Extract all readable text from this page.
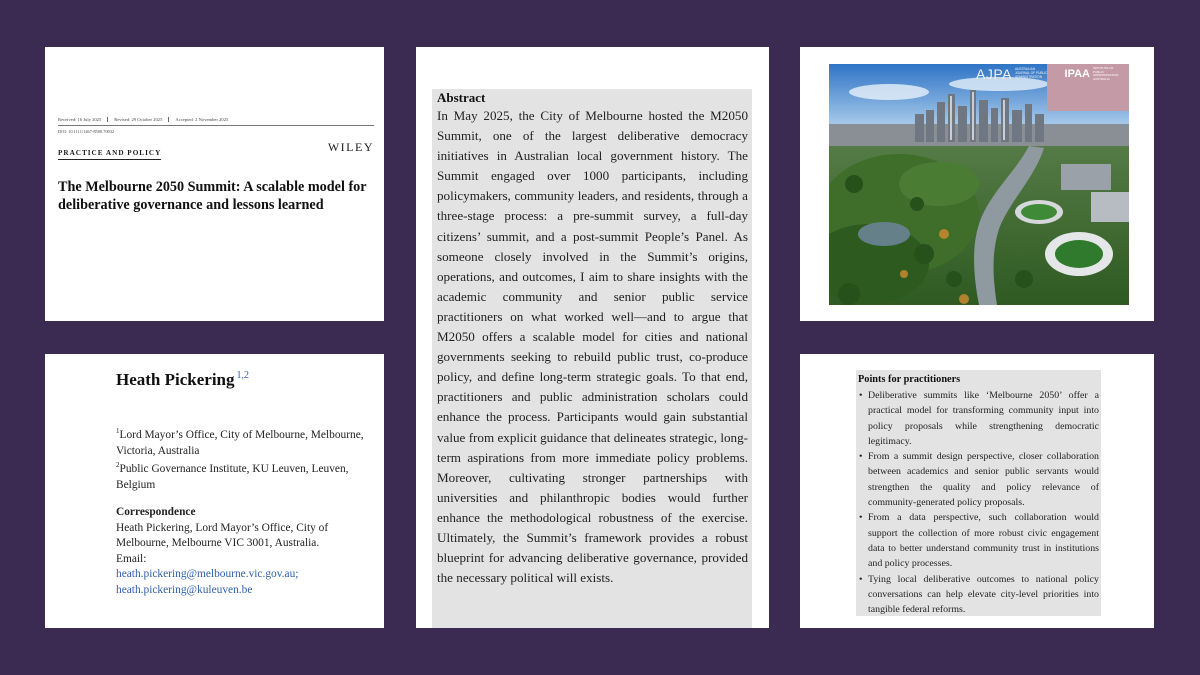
Received: 16 July 2025	Revised: 29 October 2025	Accepted: 2 November 2025
DOI: 10.1111/1467-8500.70032
PRACTICE AND POLICY	WILEY
The Melbourne 2050 Summit: A scalable model for deliberative governance and lessons learned
Abstract

In May 2025, the City of Melbourne hosted the M2050 Summit, one of the largest deliberative democracy initiatives in Australian local government history. The Summit engaged over 1000 participants, including policymakers, community leaders, and residents, through a three-stage process: a pre-summit survey, a full-day citizens’ summit, and a post-summit People’s Panel. As someone closely involved in the Summit’s origins, operations, and outcomes, I aim to share insights with the academic community and senior public service practitioners on what worked well—and to argue that M2050 offers a scalable model for cities and national governments seeking to rebuild public trust, co-produce policy, and define long-term strategic goals. To that end, practitioners and public administration scholars could enhance the process. Participants would gain substantial value from explicit guidance that delineates strategic, long-term aspirations from more immediate policy problems. Moreover, cultivating stronger partnerships with universities and philanthropic bodies would further enhance the methodological robustness of the exercise. Ultimately, the Summit’s framework provides a robust blueprint for advancing deliberative governance, provided the necessary political will exists.

AJPA AUSTRALIAN JOURNAL OF PUBLIC ADMINISTRATION	IPAA
INSTITUTE OF PUBLIC ADMINISTRATION AUSTRALIA
Heath Pickering $^{1,2}$
$^1$Lord Mayor’s Office, City of Melbourne, Melbourne, Victoria, Australia
$^2$Public Governance Institute, KU Leuven, Leuven, Belgium
Correspondence
Heath Pickering, Lord Mayor’s Office, City of Melbourne, Melbourne VIC 3001, Australia.
Email:
heath.pickering@melbourne.vic.gov.au;
heath.pickering@kuleuven.be
Points for practitioners
• Deliberative summits like ‘Melbourne 2050’ offer a practical model for transforming community input into policy proposals while strengthening democratic legitimacy.
• From a summit design perspective, closer collaboration between academics and senior public servants would strengthen the quality and policy relevance of community-generated policy proposals.
• From a data perspective, such collaboration would support the collection of more robust civic engagement data to better understand community trust in institutions and policy processes.
• Tying local deliberative outcomes to national policy conversations can help elevate city-level priorities into tangible federal reforms.
